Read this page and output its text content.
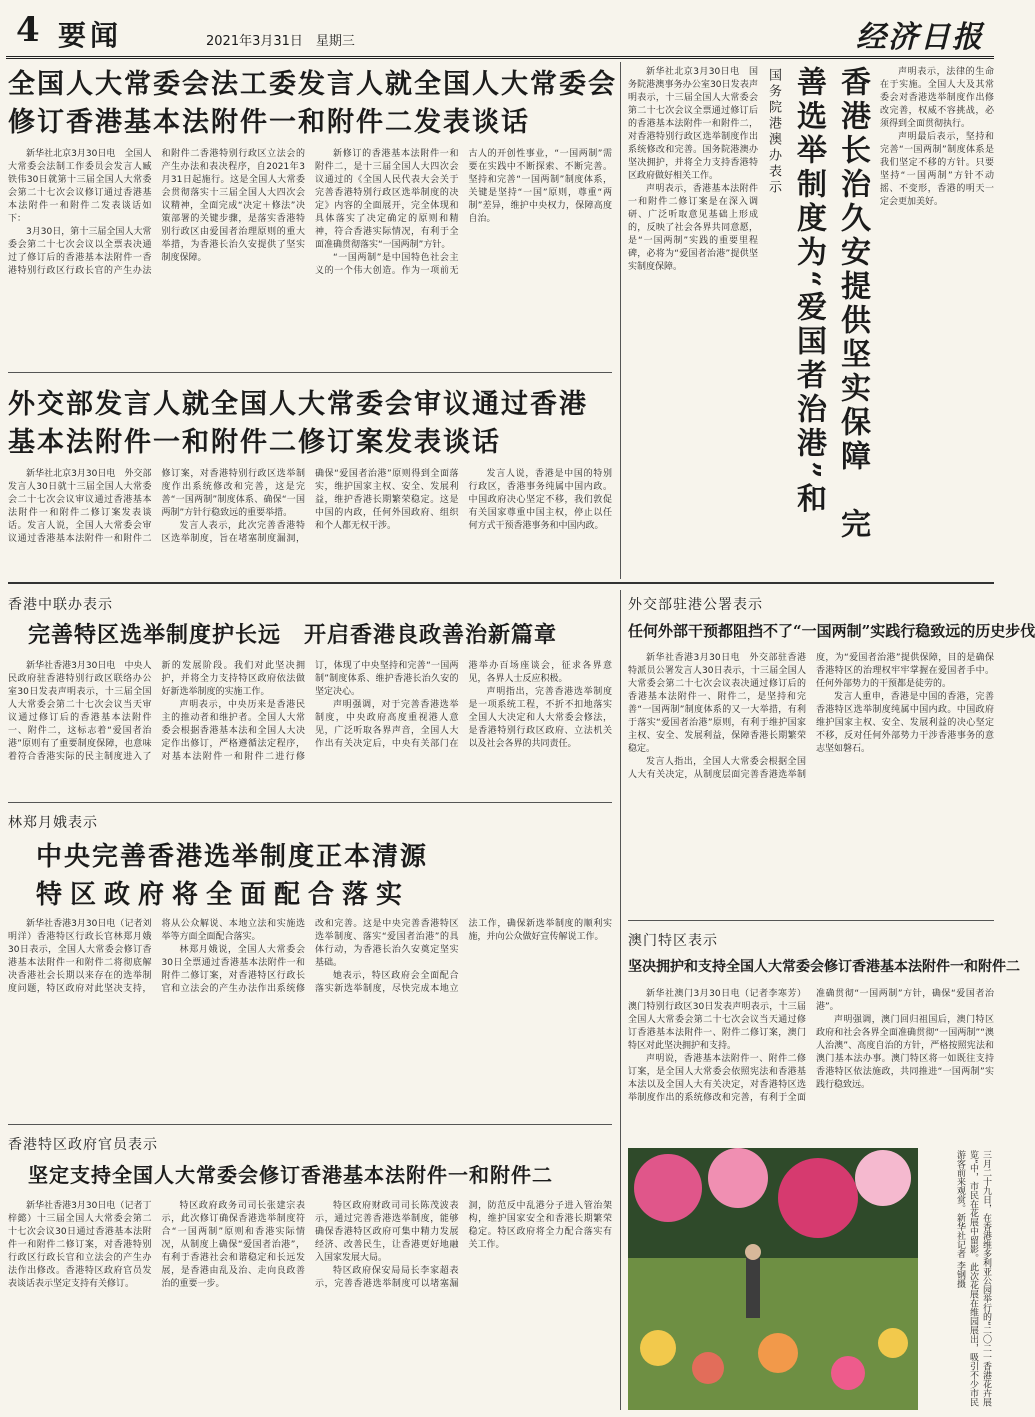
4 要闻	2021年3月31日　星期三	经济日报
全国人大常委会法工委发言人就全国人大常委会
修订香港基本法附件一和附件二发表谈话

新华社北京3月30日电　全国人大常委会法制工作委员会发言人臧铁伟30日就第十三届全国人大常委会第二十七次会议修订通过香港基本法附件一和附件二发表谈话如下：

3月30日，第十三届全国人大常委会第二十七次会议以全票表决通过了修订后的香港基本法附件一香港特别行政区行政长官的产生办法和附件二香港特别行政区立法会的产生办法和表决程序，自2021年3月31日起施行。这是全国人大常委会贯彻落实十三届全国人大四次会议精神，全面完成“决定＋修法”决策部署的关键步骤，是落实香港特别行政区由爱国者治理原则的重大举措，为香港长治久安提供了坚实制度保障。

新修订的香港基本法附件一和附件二，是十三届全国人大四次会议通过的《全国人民代表大会关于完善香港特别行政区选举制度的决定》内容的全面展开，完全体现和具体落实了决定确定的原则和精神，符合香港实际情况，有利于全面准确贯彻落实“一国两制”方针。

“一国两制”是中国特色社会主义的一个伟大创造。作为一项前无古人的开创性事业，“一国两制”需要在实践中不断探索、不断完善。坚持和完善“一国两制”制度体系，关键是坚持“一国”原则，尊重“两制”差异，维护中央权力，保障高度自治。

外交部发言人就全国人大常委会审议通过香港
基本法附件一和附件二修订案发表谈话

新华社北京3月30日电　外交部发言人30日就十三届全国人大常委会二十七次会议审议通过香港基本法附件一和附件二修订案发表谈话。发言人说，全国人大常委会审议通过香港基本法附件一和附件二修订案，对香港特别行政区选举制度作出系统修改和完善，这是完善“一国两制”制度体系、确保“一国两制”方针行稳致远的重要举措。

发言人表示，此次完善香港特区选举制度，旨在堵塞制度漏洞，确保“爱国者治港”原则得到全面落实，维护国家主权、安全、发展利益，维护香港长期繁荣稳定。这是中国的内政，任何外国政府、组织和个人都无权干涉。

发言人说，香港是中国的特别行政区，香港事务纯属中国内政。中国政府决心坚定不移，我们敦促有关国家尊重中国主权，停止以任何方式干预香港事务和中国内政。

新华社北京3月30日电　国务院港澳事务办公室30日发表声明表示，十三届全国人大常委会第二十七次会议全票通过修订后的香港基本法附件一和附件二，对香港特别行政区选举制度作出系统修改和完善。国务院港澳办坚决拥护，并将全力支持香港特区政府做好相关工作。

声明表示，香港基本法附件一和附件二修订案是在深入调研、广泛听取意见基础上形成的，反映了社会各界共同意愿，是“一国两制”实践的重要里程碑，必将为“爱国者治港”提供坚实制度保障。

国务院港澳办表示	香港长治久安提供坚实保障　完善选举制度为“爱国者治港”和	声明表示，法律的生命在于实施。全国人大及其常委会对香港选举制度作出修改完善，权威不容挑战，必须得到全面贯彻执行。

声明最后表示，坚持和完善“一国两制”制度体系是我们坚定不移的方针。只要坚持“一国两制”方针不动摇、不变形，香港的明天一定会更加美好。

香港中联办表示
完善特区选举制度护长远　开启香港良政善治新篇章

新华社香港3月30日电　中央人民政府驻香港特别行政区联络办公室30日发表声明表示，十三届全国人大常委会第二十七次会议当天审议通过修订后的香港基本法附件一、附件二，这标志着“爱国者治港”原则有了重要制度保障，也意味着符合香港实际的民主制度进入了新的发展阶段。我们对此坚决拥护，并将全力支持特区政府依法做好新选举制度的实施工作。

声明表示，中央历来是香港民主的推动者和维护者。全国人大常委会根据香港基本法和全国人大决定作出修订，严格遵循法定程序，对基本法附件一和附件二进行修订，体现了中央坚持和完善“一国两制”制度体系、维护香港长治久安的坚定决心。

声明强调，对于完善香港选举制度，中央政府高度重视港人意见，广泛听取各界声音，全国人大作出有关决定后，中央有关部门在港举办百场座谈会，征求各界意见，各界人士反应积极。

声明指出，完善香港选举制度是一项系统工程，不折不扣地落实全国人大决定和人大常委会修法，是香港特别行政区政府、立法机关以及社会各界的共同责任。

外交部驻港公署表示
任何外部干预都阻挡不了“一国两制”实践行稳致远的历史步伐

新华社香港3月30日电　外交部驻香港特派员公署发言人30日表示，十三届全国人大常委会第二十七次会议表决通过修订后的香港基本法附件一、附件二，是坚持和完善“一国两制”制度体系的又一大举措，有利于落实“爱国者治港”原则，有利于维护国家主权、安全、发展利益，保障香港长期繁荣稳定。

发言人指出，全国人大常委会根据全国人大有关决定，从制度层面完善香港选举制度，为“爱国者治港”提供保障，目的是确保香港特区的治理权牢牢掌握在爱国者手中。任何外部势力的干预都是徒劳的。

发言人重申，香港是中国的香港，完善香港特区选举制度纯属中国内政。中国政府维护国家主权、安全、发展利益的决心坚定不移，反对任何外部势力干涉香港事务的意志坚如磐石。

林郑月娥表示
中央完善香港选举制度正本清源
特区政府将全面配合落实

新华社香港3月30日电（记者刘明洋）香港特区行政长官林郑月娥30日表示，全国人大常委会修订香港基本法附件一和附件二将彻底解决香港社会长期以来存在的选举制度问题，特区政府对此坚决支持，将从公众解说、本地立法和实施选举等方面全面配合落实。

林郑月娥说，全国人大常委会30日全票通过香港基本法附件一和附件二修订案，对香港特区行政长官和立法会的产生办法作出系统修改和完善。这是中央完善香港特区选举制度、落实“爱国者治港”的具体行动，为香港长治久安奠定坚实基础。

她表示，特区政府会全面配合落实新选举制度，尽快完成本地立法工作，确保新选举制度的顺利实施，并向公众做好宣传解说工作。	澳门特区表示
坚决拥护和支持全国人大常委会修订香港基本法附件一和附件二

新华社澳门3月30日电（记者李寒芳）澳门特别行政区30日发表声明表示，十三届全国人大常委会第二十七次会议当天通过修订香港基本法附件一、附件二修订案，澳门特区对此坚决拥护和支持。

声明说，香港基本法附件一、附件二修订案，是全国人大常委会依照宪法和香港基本法以及全国人大有关决定，对香港特区选举制度作出的系统修改和完善，有利于全面准确贯彻“一国两制”方针，确保“爱国者治港”。

声明强调，澳门回归祖国后，澳门特区政府和社会各界全面准确贯彻“一国两制”“澳人治澳”、高度自治的方针，严格按照宪法和澳门基本法办事。澳门特区将一如既往支持香港特区依法施政，共同推进“一国两制”实践行稳致远。

香港特区政府官员表示
坚定支持全国人大常委会修订香港基本法附件一和附件二

新华社香港3月30日电（记者丁梓懿）十三届全国人大常委会第二十七次会议30日通过香港基本法附件一和附件二修订案，对香港特别行政区行政长官和立法会的产生办法作出修改。香港特区政府官员发表谈话表示坚定支持有关修订。

特区政府政务司司长张建宗表示，此次修订确保香港选举制度符合“一国两制”原则和香港实际情况，从制度上确保“爱国者治港”，有利于香港社会和谐稳定和长远发展，是香港由乱及治、走向良政善治的重要一步。

特区政府财政司司长陈茂波表示，通过完善香港选举制度，能够确保香港特区政府可集中精力发展经济、改善民生，让香港更好地融入国家发展大局。

特区政府保安局局长李家超表示，完善香港选举制度可以堵塞漏洞，防范反中乱港分子进入管治架构，维护国家安全和香港长期繁荣稳定。特区政府将全力配合落实有关工作。	三月二十九日，在香港维多利亚公园举行的“二〇二一香港花卉展览”中，市民在花展中留影。此次花展在维园展出，吸引不少市民游客前来观赏。新华社记者 李钢摄
